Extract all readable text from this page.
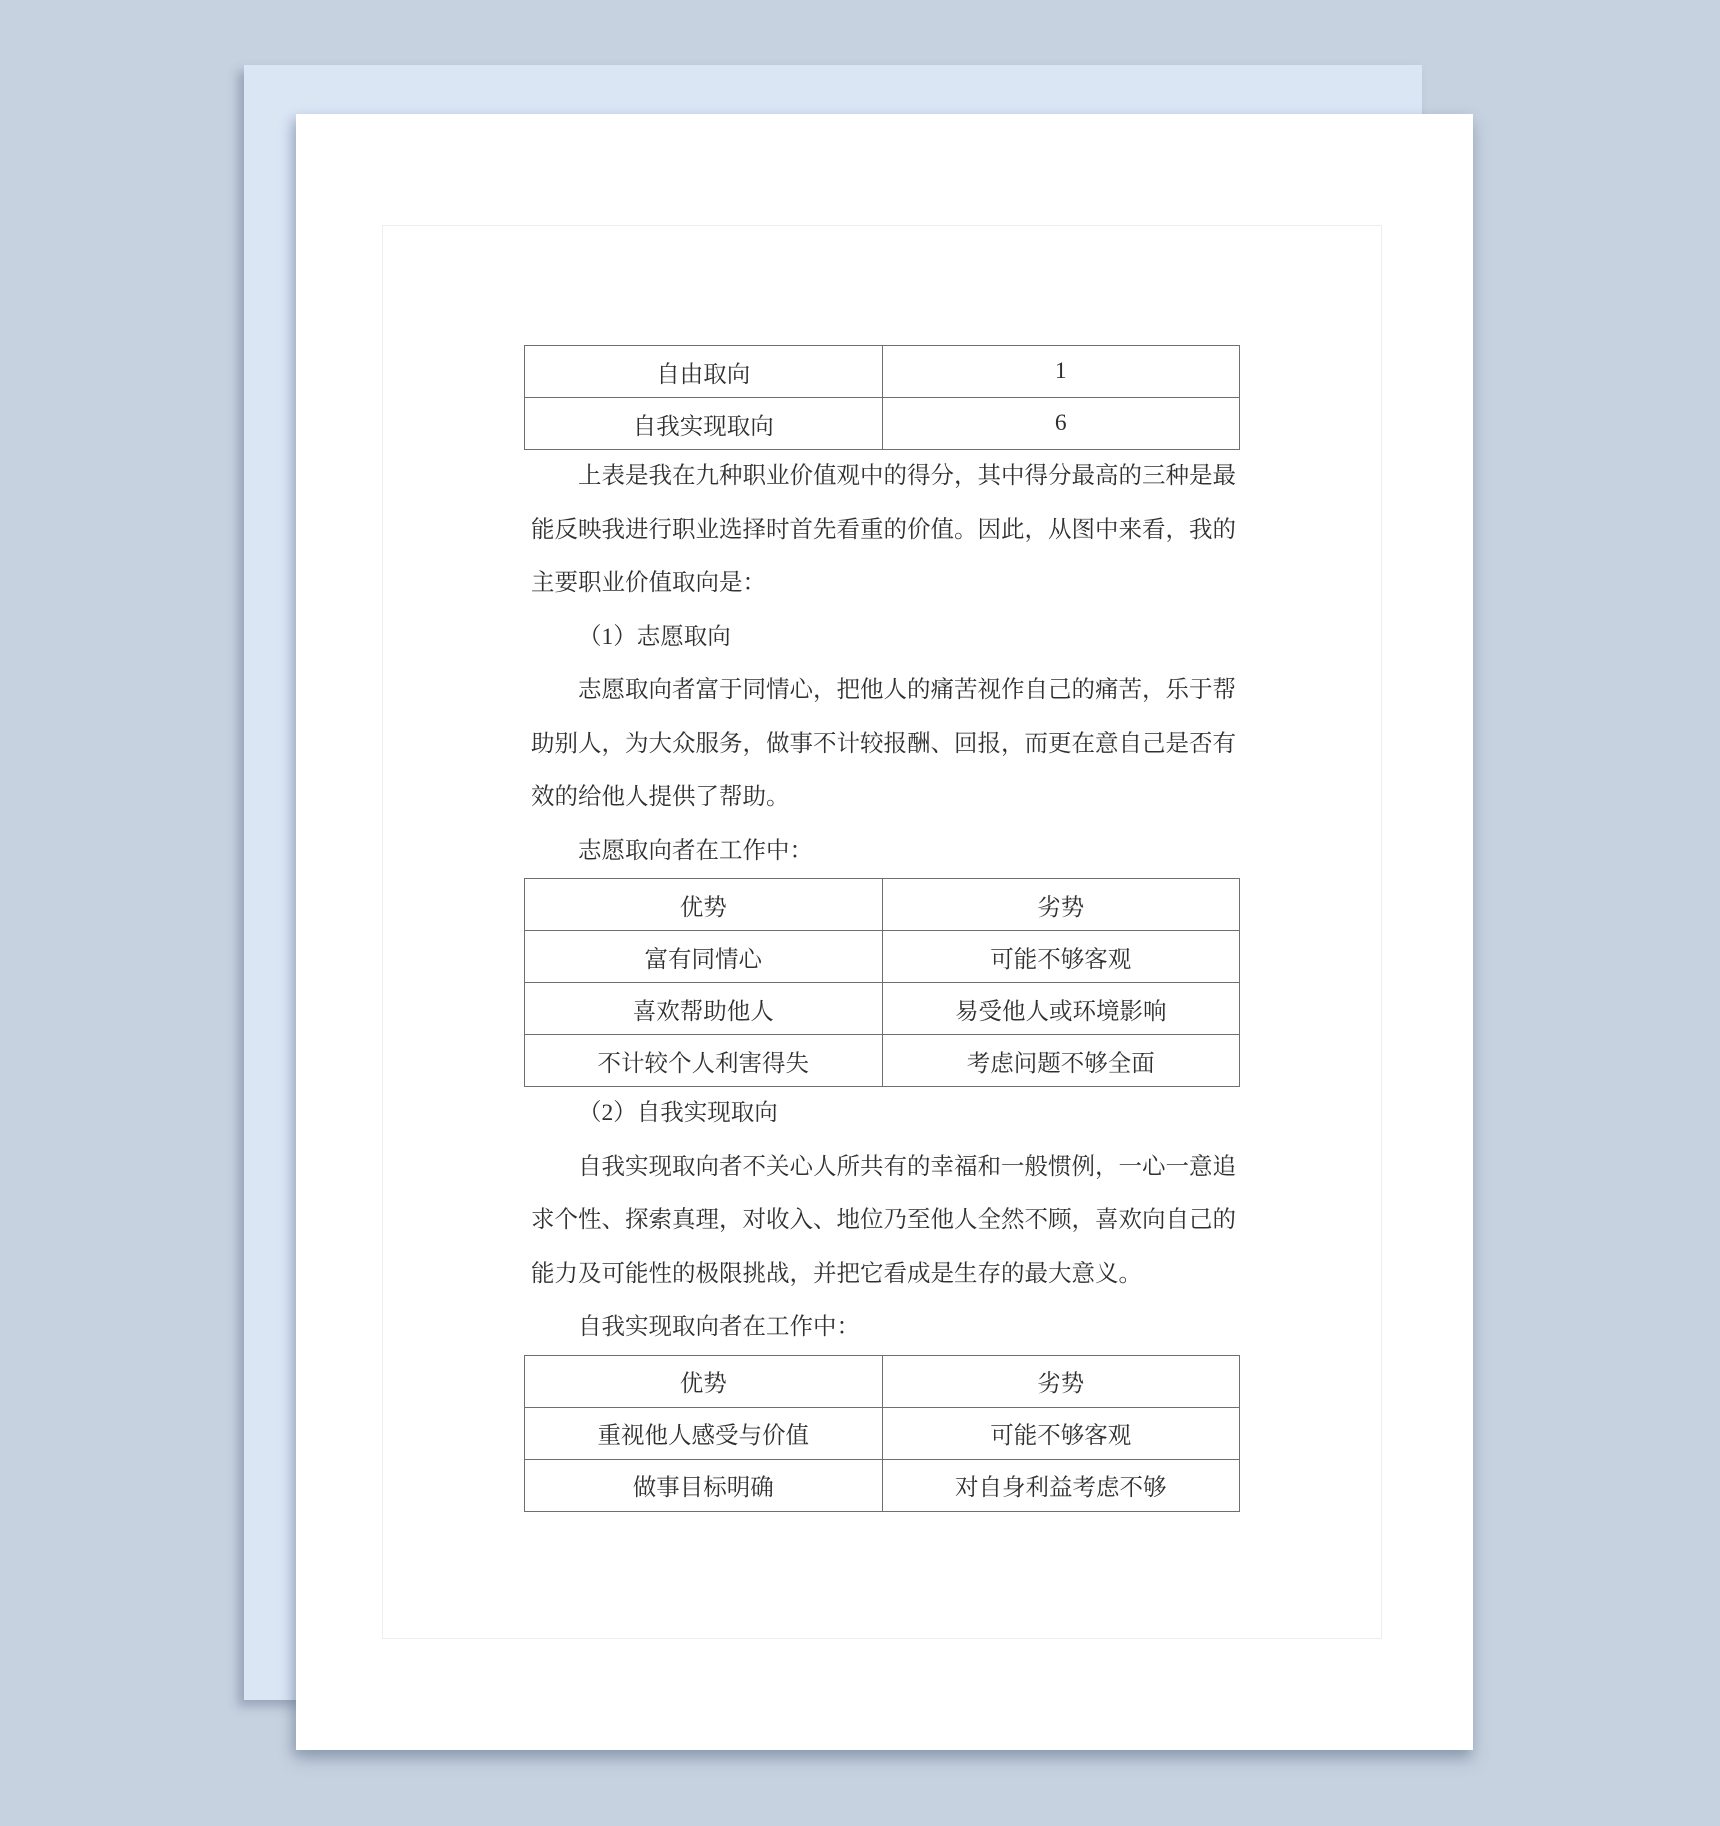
自由取向	1
自我实现取向	6
上表是我在九种职业价值观中的得分，其中得分最高的三种是最
能反映我进行职业选择时首先看重的价值。因此，从图中来看，我的
主要职业价值取向是：
（1）志愿取向
志愿取向者富于同情心，把他人的痛苦视作自己的痛苦，乐于帮
助别人，为大众服务，做事不计较报酬、回报，而更在意自己是否有
效的给他人提供了帮助。
志愿取向者在工作中：
优势	劣势
富有同情心	可能不够客观
喜欢帮助他人	易受他人或环境影响
不计较个人利害得失	考虑问题不够全面
（2）自我实现取向
自我实现取向者不关心人所共有的幸福和一般惯例，一心一意追
求个性、探索真理，对收入、地位乃至他人全然不顾，喜欢向自己的
能力及可能性的极限挑战，并把它看成是生存的最大意义。
自我实现取向者在工作中：
优势	劣势
重视他人感受与价值	可能不够客观
做事目标明确	对自身利益考虑不够
